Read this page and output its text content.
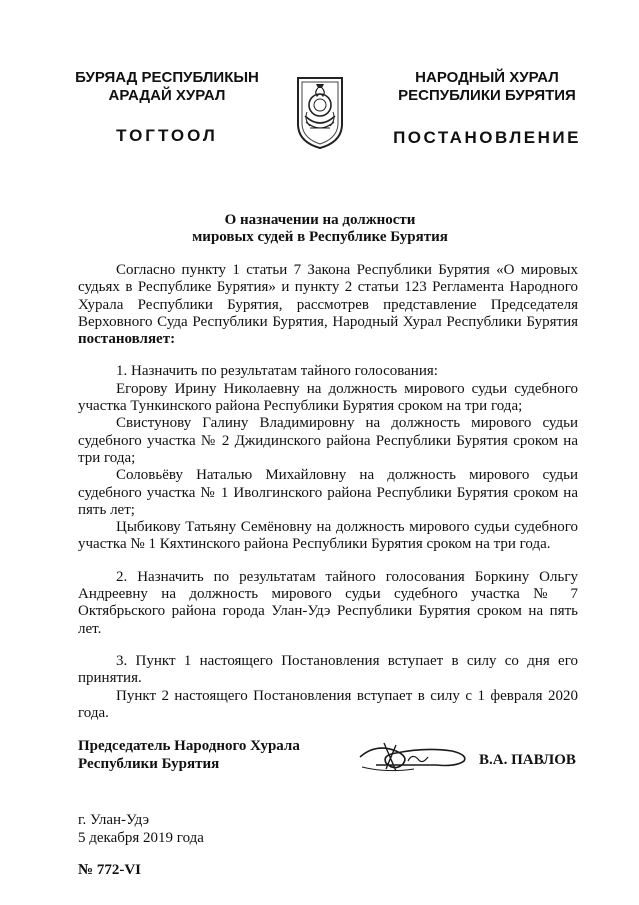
БУРЯАД РЕСПУБЛИКЫН
АРАДАЙ ХУРАЛ
ТОГТООЛ
НАРОДНЫЙ ХУРАЛ
РЕСПУБЛИКИ БУРЯТИЯ
ПОСТАНОВЛЕНИЕ
О назначении на должности
мировых судей в Республике Бурятия

Согласно пункту 1 статьи 7 Закона Республики Бурятия «О мировых судьях в Республике Бурятия» и пункту 2 статьи 123 Регламента Народного Хурала Республики Бурятия, рассмотрев представление Председателя Верховного Суда Республики Бурятия, Народный Хурал Республики Бурятия постановляет:

1. Назначить по результатам тайного голосования:

Егорову Ирину Николаевну на должность мирового судьи судебного участка Тункинского района Республики Бурятия сроком на три года;

Свистунову Галину Владимировну на должность мирового судьи судебного участка № 2 Джидинского района Республики Бурятия сроком на три года;

Соловьёву Наталью Михайловну на должность мирового судьи судебного участка № 1 Иволгинского района Республики Бурятия сроком на пять лет;

Цыбикову Татьяну Семёновну на должность мирового судьи судебного участка № 1 Кяхтинского района Республики Бурятия сроком на три года.

2. Назначить по результатам тайного голосования Боркину Ольгу Андреевну на должность мирового судьи судебного участка № 7 Октябрьского района города Улан-Удэ Республики Бурятия сроком на пять лет.

3. Пункт 1 настоящего Постановления вступает в силу со дня его принятия.

Пункт 2 настоящего Постановления вступает в силу с 1 февраля 2020 года.

Председатель Народного Хурала
Республики Бурятия	В.А. ПАВЛОВ
г. Улан-Удэ
5 декабря 2019 года
№ 772-VI
